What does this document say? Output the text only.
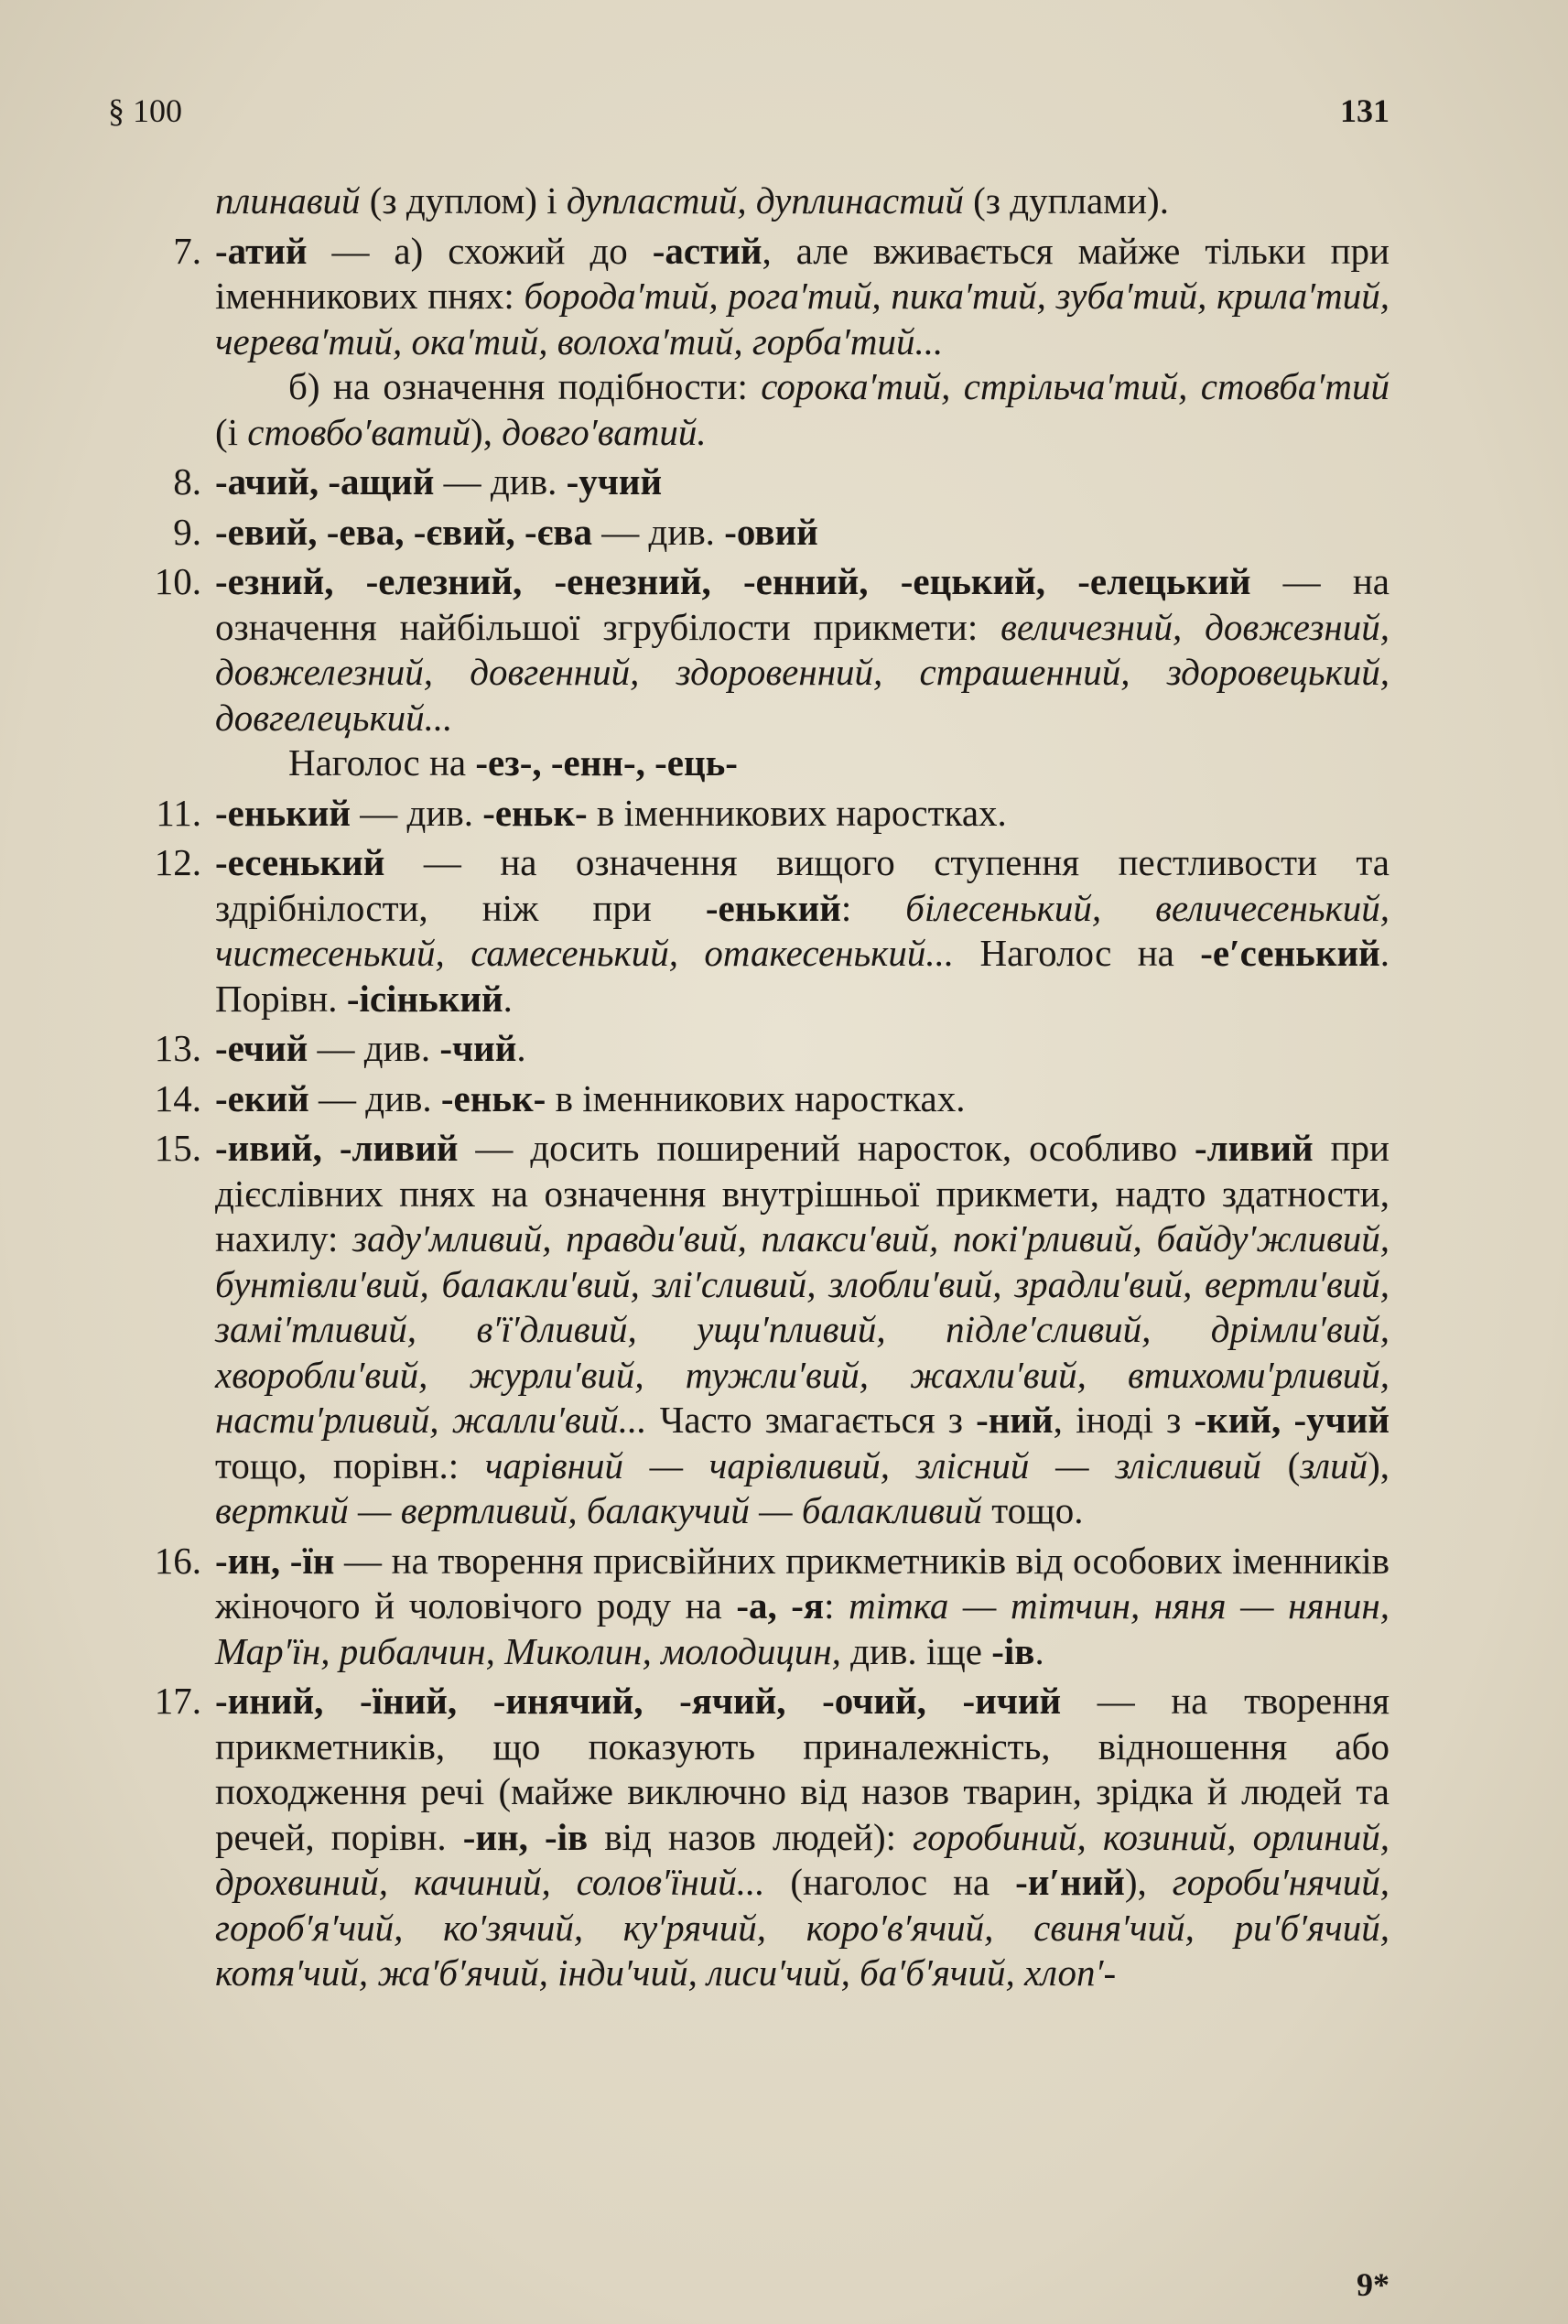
§ 100	131

плинавий (з дуплом) і дупластий, дуплинастий (з дуплами).

7. -атий — а) схожий до -астий, але вживається майже тільки при іменникових пнях: борода′тий, рога′тий, пика′тий, зуба′тий, крила′тий, черева′тий, ока′тий, волоха′тий, горба′тий...

б) на означення подібности: сорока′тий, стрільча′тий, стовба′тий (і стовбо′ватий), довго′ватий.

8. -ачий, -ащий — див. -учий

9. -евий, -ева, -євий, -єва — див. -овий

10. -езний, -елезний, -енезний, -енний, -ецький, -елецький — на означення найбільшої згрубілости прикмети: величезний, довжезний, довжелезний, довгенний, здоровенний, страшенний, здоровецький, довгелецький...

Наголос на -ез-, -енн-, -ець-

11. -енький — див. -еньк- в іменникових наростках.

12. -есенький — на означення вищого ступення пестливости та здрібнілости, ніж при -енький: білесенький, величесенький, чистесенький, самесенький, отакесенький... Наголос на -е′сенький. Порівн. -ісінький.

13. -ечий — див. -чий.

14. -екий — див. -еньк- в іменникових наростках.

15. -ивий, -ливий — досить поширений наросток, особливо -ливий при дієслівних пнях на означення внутрішньої прикмети, надто здатности, нахилу: заду′мливий, правди′вий, плакси′вий, покі′рливий, байду′жливий, бунтівли′вий, балакли′вий, злі′сливий, злобли′вий, зрадли′вий, вертли′вий, замі′тливий, в′ї′дливий, ущи′пливий, підле′сливий, дрімли′вий, хворобли′вий, журли′вий, тужли′вий, жахли′вий, втихоми′рливий, насти′рливий, жалли′вий... Часто змагається з -ний, іноді з -кий, -учий тощо, порівн.: чарівний — чарівливий, злісний — злісливий (злий), верткий — вертливий, балакучий — балакливий тощо.

16. -ин, -їн — на творення присвійних прикметників від особових іменників жіночого й чоловічого роду на -а, -я: тітка — тітчин, няня — нянин, Мар′їн, рибалчин, Миколин, молодицин, див. іще -ів.

17. -иний, -їний, -инячий, -ячий, -очий, -ичий — на творення прикметників, що показують приналежність, відношення або походження речі (майже виключно від назов тварин, зрідка й людей та речей, порівн. -ин, -ів від назов людей): горобиний, козиний, орлиний, дрохвиний, качиний, солов′їний... (наголос на -и′ний), гороби′нячий, гороб′я′чий, ко′зячий, ку′рячий, коро′в′ячий, свиня′чий, ри′б′ячий, котя′чий, жа′б′ячий, інди′чий, лиси′чий, ба′б′ячий, хлоп′-

9*
